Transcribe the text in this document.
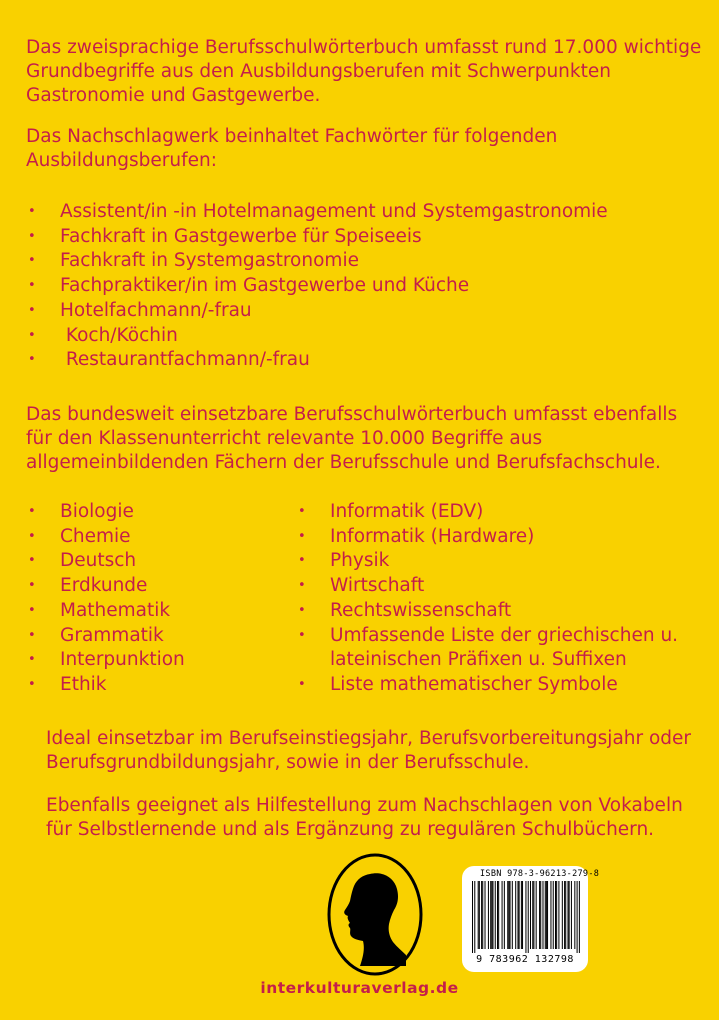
Das zweisprachige Berufsschulwörterbuch umfasst rund 17.000 wichtige Grundbegriffe aus den Ausbildungsberufen mit Schwerpunkten Gastronomie und Gastgewerbe.

Das Nachschlagwerk beinhaltet Fachwörter für folgenden Ausbildungsberufen:

• Assistent/in -in Hotelmanagement und Systemgastronomie
• Fachkraft in Gastgewerbe für Speiseeis
• Fachkraft in Systemgastronomie
• Fachpraktiker/in im Gastgewerbe und Küche
• Hotelfachmann/-frau
• Koch/Köchin
• Restaurantfachmann/-frau

Das bundesweit einsetzbare Berufsschulwörterbuch umfasst ebenfalls für den Klassenunterricht relevante 10.000 Begriffe aus allgemeinbildenden Fächern der Berufsschule und Berufsfachschule.

• Biologie
• Chemie
• Deutsch
• Erdkunde
• Mathematik
• Grammatik
• Interpunktion
• Ethik
• Informatik (EDV)
• Informatik (Hardware)
• Physik
• Wirtschaft
• Rechtswissenschaft
• Umfassende Liste der griechischen u.
lateinischen Präfixen u. Suffixen
• Liste mathematischer Symbole

Ideal einsetzbar im Berufseinstiegsjahr, Berufsvorbereitungsjahr oder Berufsgrundbildungsjahr, sowie in der Berufsschule.

Ebenfalls geeignet als Hilfestellung zum Nachschlagen von Vokabeln für Selbstlernende und als Ergänzung zu regulären Schulbüchern.

ISBN 978-3-96213-279-8
9 783962 132798
interkulturaverlag.de
